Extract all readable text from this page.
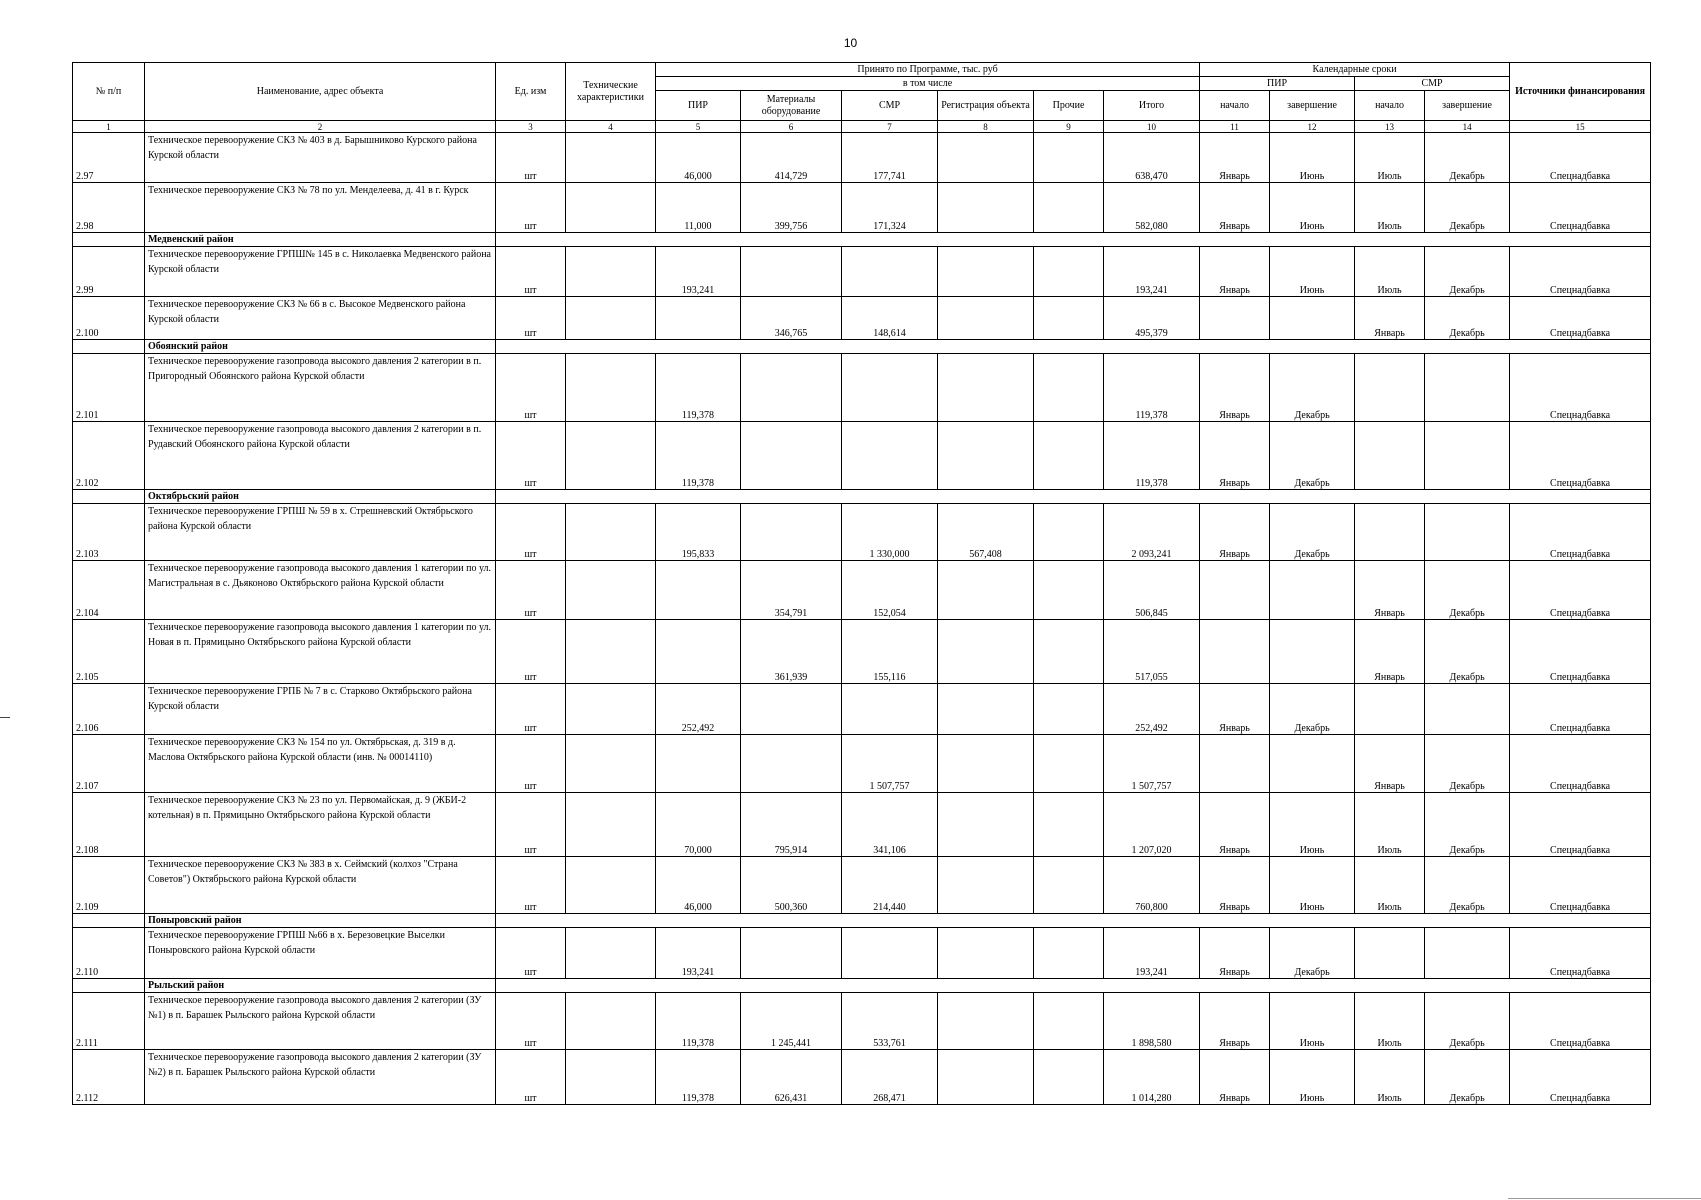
10
№ п/п	Наименование, адрес объекта	Ед. изм	Технические характеристики	Принято по Программе, тыс. руб						Календарные сроки				Источники финансирования
				в том числе						ПИР		СМР		
				ПИР	Материалы оборудование	СМР	Регистрация объекта	Прочие	Итого	начало	завершение	начало	завершение	
1	2	3	4	5	6	7	8	9	10	11	12	13	14	15
2.97	Техническое перевооружение СКЗ № 403 в д. Барышниково Курского района Курской области	шт		46,000	414,729	177,741			638,470	Январь	Июнь	Июль	Декабрь	Спецнадбавка
2.98	Техническое перевооружение СКЗ № 78 по ул. Менделеева, д. 41 в г. Курск	шт		11,000	399,756	171,324			582,080	Январь	Июнь	Июль	Декабрь	Спецнадбавка
	Медвенский район													
2.99	Техническое перевооружение ГРПШ№ 145 в с. Николаевка Медвенского района Курской области	шт		193,241					193,241	Январь	Июнь	Июль	Декабрь	Спецнадбавка
2.100	Техническое перевооружение СКЗ № 66 в с. Высокое Медвенского района Курской области	шт			346,765	148,614			495,379			Январь	Декабрь	Спецнадбавка
	Обоянский район													
2.101	Техническое перевооружение газопровода высокого давления 2 категории в п. Пригородный Обоянского района Курской области	шт		119,378					119,378	Январь	Декабрь			Спецнадбавка
2.102	Техническое перевооружение газопровода высокого давления 2 категории в п. Рудавский Обоянского района Курской области	шт		119,378					119,378	Январь	Декабрь			Спецнадбавка
	Октябрьский район													
2.103	Техническое перевооружение ГРПШ № 59 в х. Стрешневский Октябрьского района Курской области	шт		195,833		1 330,000	567,408		2 093,241	Январь	Декабрь			Спецнадбавка
2.104	Техническое перевооружение газопровода высокого давления 1 категории по ул. Магистральная в с. Дьяконово Октябрьского района Курской области	шт			354,791	152,054			506,845			Январь	Декабрь	Спецнадбавка
2.105	Техническое перевооружение газопровода высокого давления 1 категории по ул. Новая в п. Прямицыно Октябрьского района Курской области	шт			361,939	155,116			517,055			Январь	Декабрь	Спецнадбавка
2.106	Техническое перевооружение ГРПБ № 7 в с. Старково Октябрьского района Курской области	шт		252,492					252,492	Январь	Декабрь			Спецнадбавка
2.107	Техническое перевооружение СКЗ № 154 по ул. Октябрьская, д. 319 в д. Маслова Октябрьского района Курской области (инв. № 00014110)	шт				1 507,757			1 507,757			Январь	Декабрь	Спецнадбавка
2.108	Техническое перевооружение СКЗ № 23 по ул. Первомайская, д. 9 (ЖБИ-2 котельная) в п. Прямицыно Октябрьского района Курской области	шт		70,000	795,914	341,106			1 207,020	Январь	Июнь	Июль	Декабрь	Спецнадбавка
2.109	Техническое перевооружение СКЗ № 383 в х. Сеймский (колхоз "Страна Советов") Октябрьского района Курской области	шт		46,000	500,360	214,440			760,800	Январь	Июнь	Июль	Декабрь	Спецнадбавка
	Поныровский район													
2.110	Техническое перевооружение ГРПШ №66 в х. Березовецкие Выселки Поныровского района Курской области	шт		193,241					193,241	Январь	Декабрь			Спецнадбавка
	Рыльский район													
2.111	Техническое перевооружение газопровода высокого давления 2 категории (ЗУ №1) в п. Барашек Рыльского района Курской области	шт		119,378	1 245,441	533,761			1 898,580	Январь	Июнь	Июль	Декабрь	Спецнадбавка
2.112	Техническое перевооружение газопровода высокого давления 2 категории (ЗУ №2) в п. Барашек Рыльского района Курской области	шт		119,378	626,431	268,471			1 014,280	Январь	Июнь	Июль	Декабрь	Спецнадбавка
